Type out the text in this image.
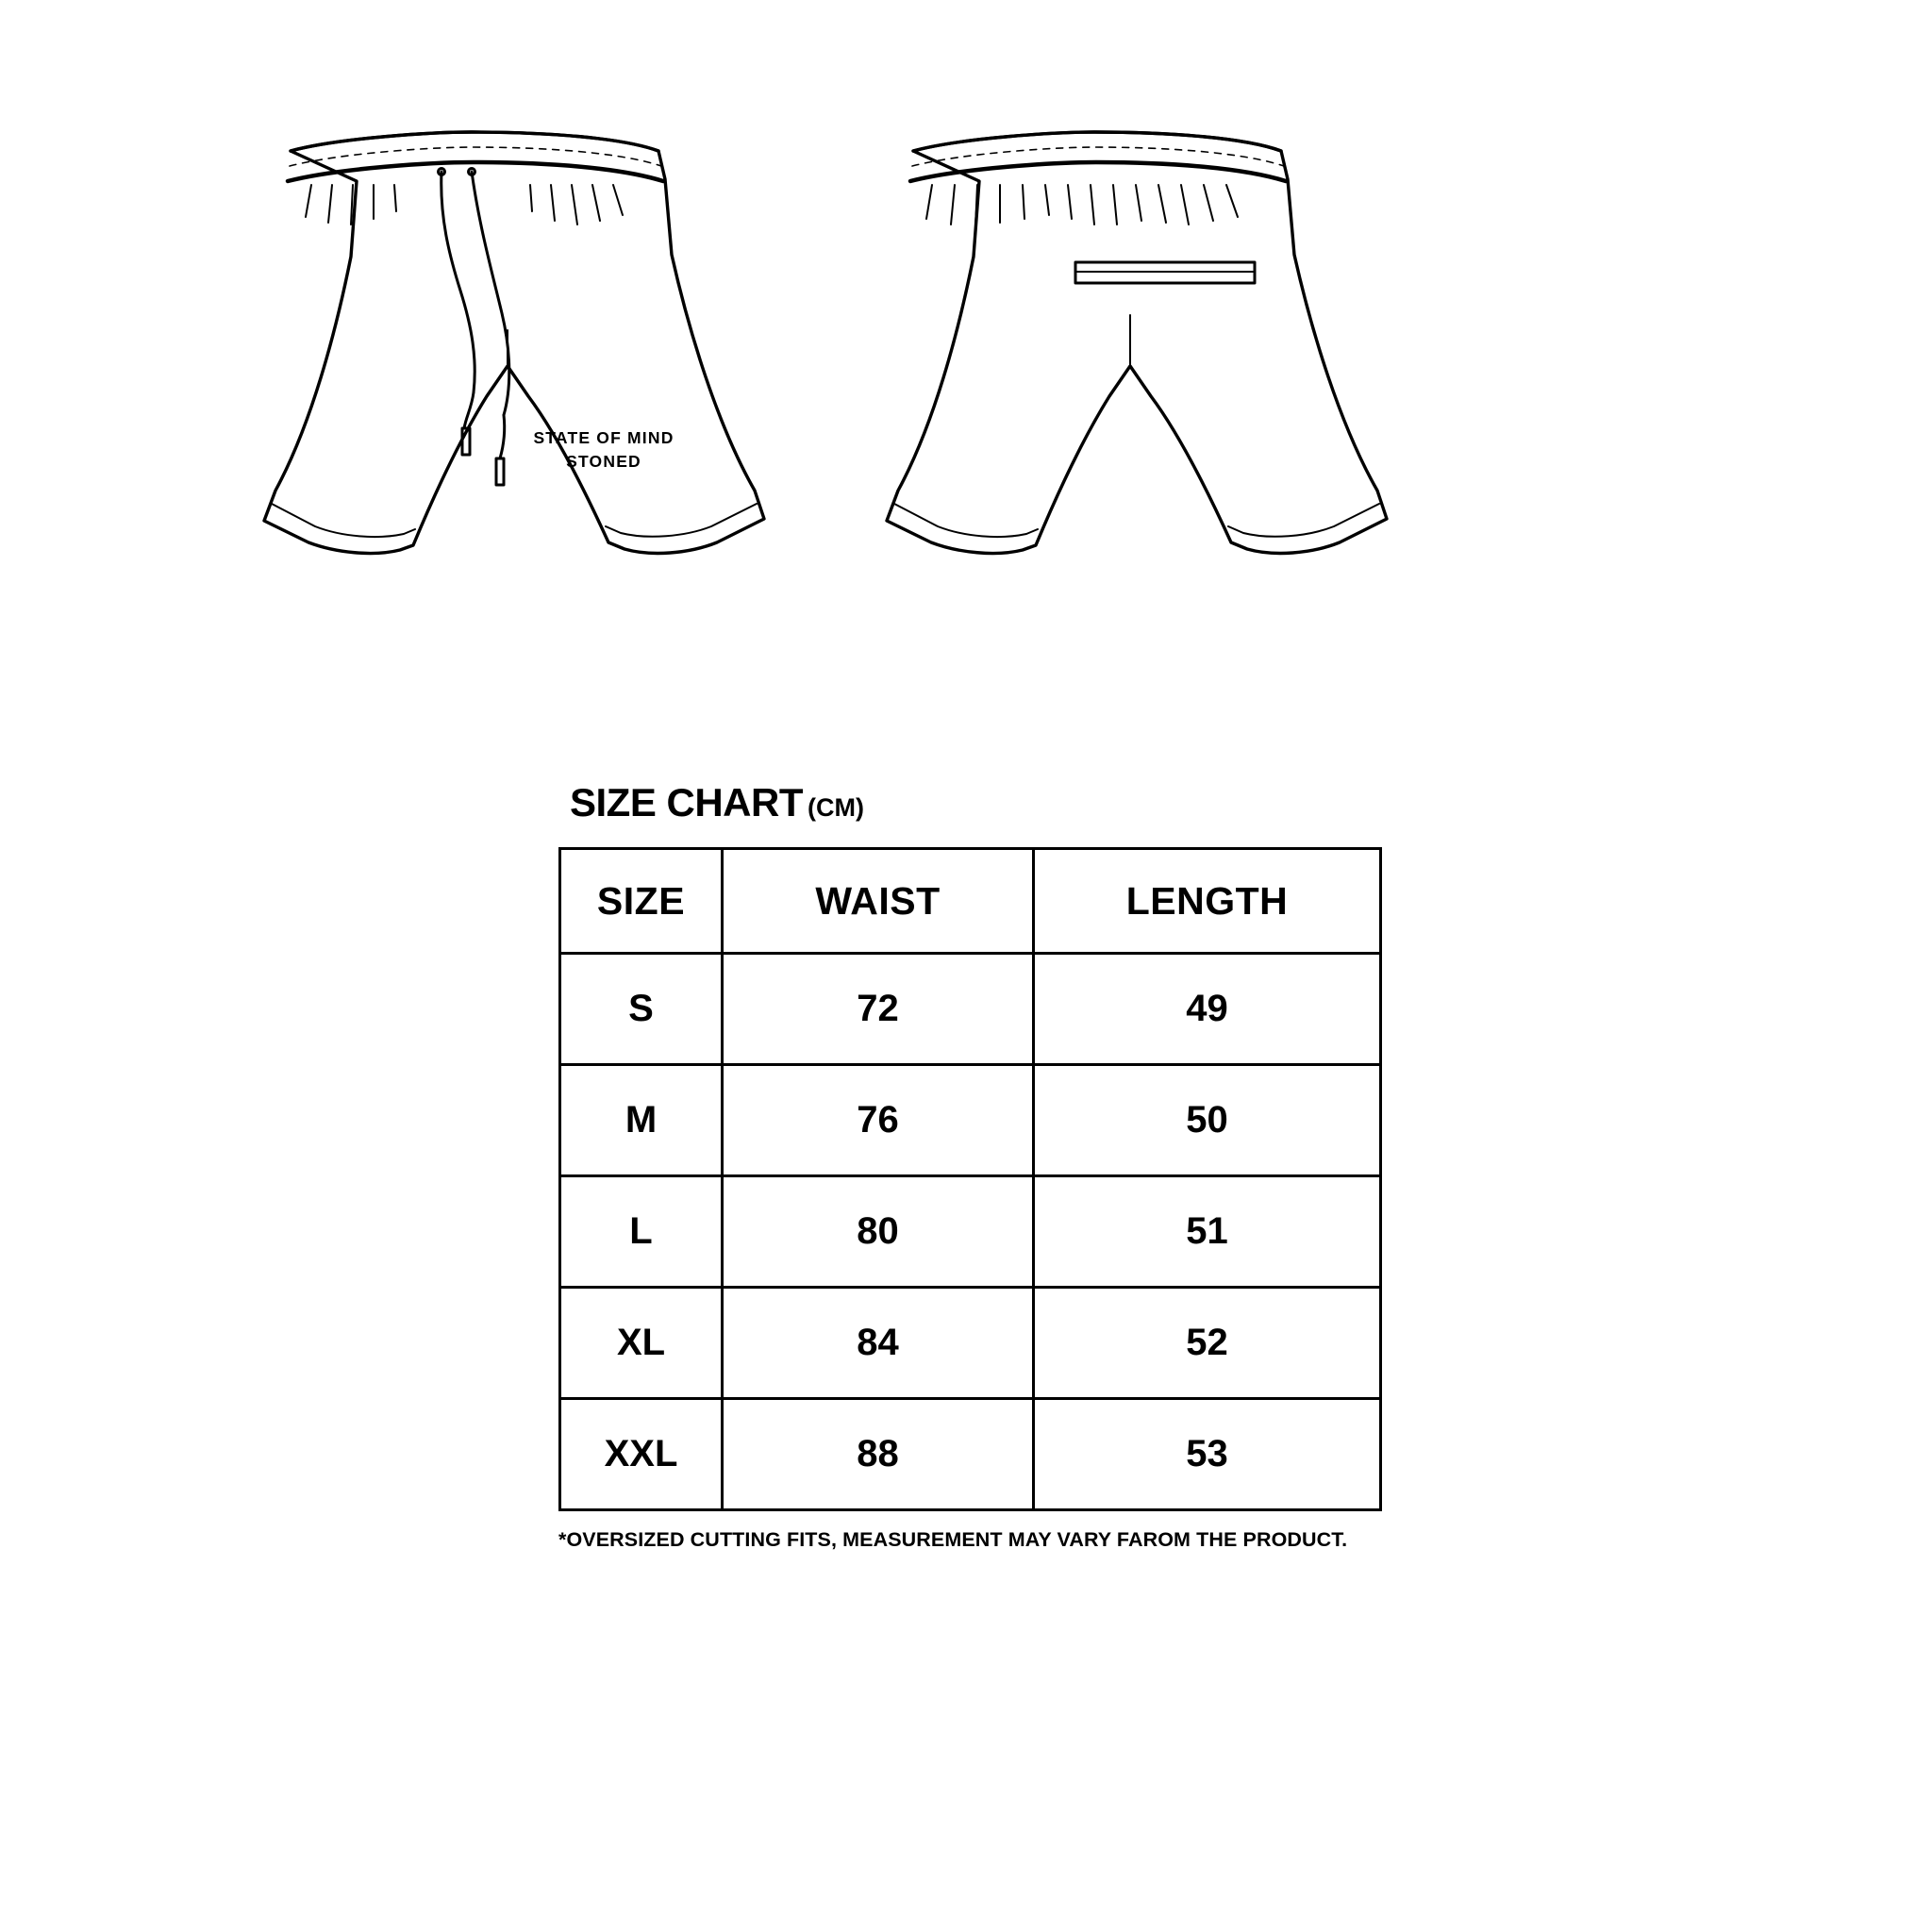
STATE OF MIND
STONED
SIZE CHART (CM)
SIZE	WAIST	LENGTH
S	72	49
M	76	50
L	80	51
XL	84	52
XXL	88	53
*OVERSIZED CUTTING FITS, MEASUREMENT MAY VARY FAROM THE PRODUCT.
